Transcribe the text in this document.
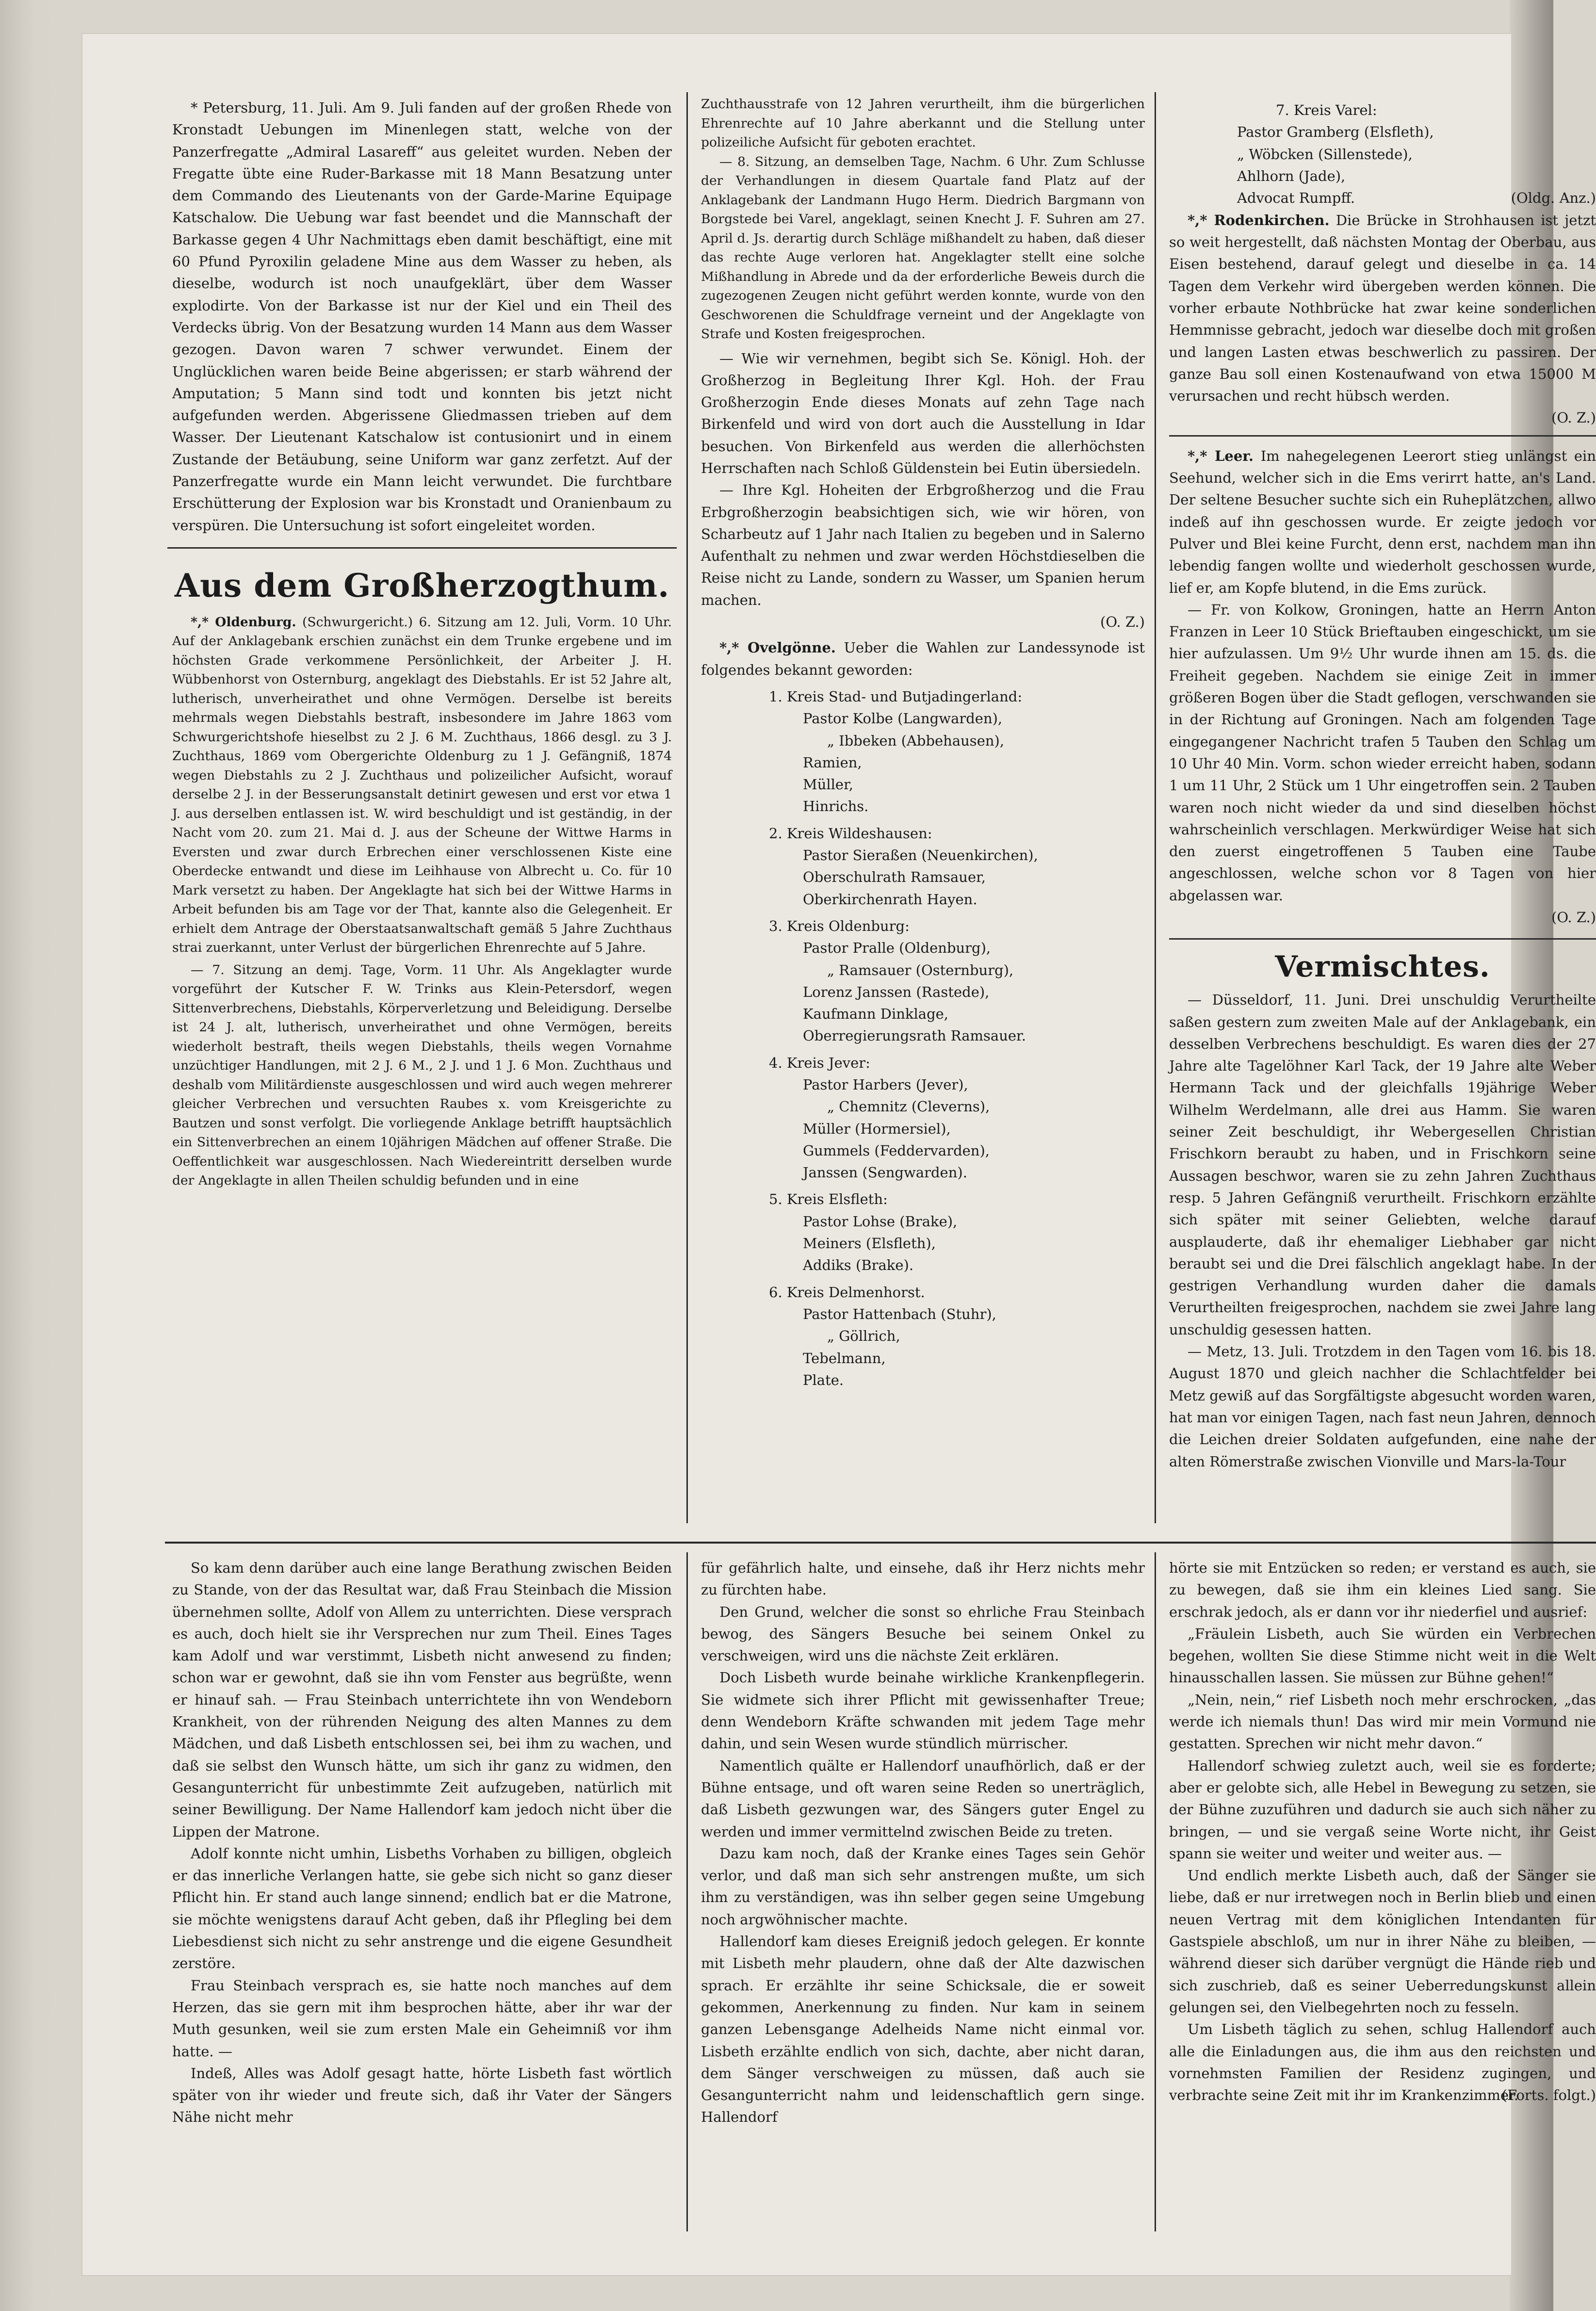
* Petersburg, 11. Juli. Am 9. Juli fanden auf der großen Rhede von Kronstadt Uebungen im Minenlegen statt, welche von der Panzerfregatte „Admiral Lasareff“ aus geleitet wurden. Neben der Fregatte übte eine Ruder-Barkasse mit 18 Mann Besatzung unter dem Commando des Lieutenants von der Garde-Marine Equipage Katschalow. Die Uebung war fast beendet und die Mannschaft der Barkasse gegen 4 Uhr Nachmittags eben damit beschäftigt, eine mit 60 Pfund Pyroxilin geladene Mine aus dem Wasser zu heben, als dieselbe, wodurch ist noch unaufgeklärt, über dem Wasser explodirte. Von der Barkasse ist nur der Kiel und ein Theil des Verdecks übrig. Von der Besatzung wurden 14 Mann aus dem Wasser gezogen. Davon waren 7 schwer verwundet. Einem der Unglücklichen waren beide Beine abgerissen; er starb während der Amputation; 5 Mann sind todt und konnten bis jetzt nicht aufgefunden werden. Abgerissene Gliedmassen trieben auf dem Wasser. Der Lieutenant Katschalow ist contusionirt und in einem Zustande der Betäubung, seine Uniform war ganz zerfetzt. Auf der Panzerfregatte wurde ein Mann leicht verwundet. Die furchtbare Erschütterung der Explosion war bis Kronstadt und Oranienbaum zu verspüren. Die Untersuchung ist sofort eingeleitet worden.

Aus dem Großherzogthum.

*,* Oldenburg. (Schwurgericht.) 6. Sitzung am 12. Juli, Vorm. 10 Uhr. Auf der Anklagebank erschien zunächst ein dem Trunke ergebene und im höchsten Grade verkommene Persönlichkeit, der Arbeiter J. H. Wübbenhorst von Osternburg, angeklagt des Diebstahls. Er ist 52 Jahre alt, lutherisch, unverheirathet und ohne Vermögen. Derselbe ist bereits mehrmals wegen Diebstahls bestraft, insbesondere im Jahre 1863 vom Schwurgerichtshofe hieselbst zu 2 J. 6 M. Zuchthaus, 1866 desgl. zu 3 J. Zuchthaus, 1869 vom Obergerichte Oldenburg zu 1 J. Gefängniß, 1874 wegen Diebstahls zu 2 J. Zuchthaus und polizeilicher Aufsicht, worauf derselbe 2 J. in der Besserungsanstalt detinirt gewesen und erst vor etwa 1 J. aus derselben entlassen ist. W. wird beschuldigt und ist geständig, in der Nacht vom 20. zum 21. Mai d. J. aus der Scheune der Wittwe Harms in Eversten und zwar durch Erbrechen einer verschlossenen Kiste eine Oberdecke entwandt und diese im Leihhause von Albrecht u. Co. für 10 Mark versetzt zu haben. Der Angeklagte hat sich bei der Wittwe Harms in Arbeit befunden bis am Tage vor der That, kannte also die Gelegenheit. Er erhielt dem Antrage der Oberstaatsanwaltschaft gemäß 5 Jahre Zuchthaus strai zuerkannt, unter Verlust der bürgerlichen Ehrenrechte auf 5 Jahre.

— 7. Sitzung an demj. Tage, Vorm. 11 Uhr. Als Angeklagter wurde vorgeführt der Kutscher F. W. Trinks aus Klein-Petersdorf, wegen Sittenverbrechens, Diebstahls, Körperverletzung und Beleidigung. Derselbe ist 24 J. alt, lutherisch, unverheirathet und ohne Vermögen, bereits wiederholt bestraft, theils wegen Diebstahls, theils wegen Vornahme unzüchtiger Handlungen, mit 2 J. 6 M., 2 J. und 1 J. 6 Mon. Zuchthaus und deshalb vom Militärdienste ausgeschlossen und wird auch wegen mehrerer gleicher Verbrechen und versuchten Raubes x. vom Kreisgerichte zu Bautzen und sonst verfolgt. Die vorliegende Anklage betrifft hauptsächlich ein Sittenverbrechen an einem 10jährigen Mädchen auf offener Straße. Die Oeffentlichkeit war ausgeschlossen. Nach Wiedereintritt derselben wurde der Angeklagte in allen Theilen schuldig befunden und in eine

Zuchthausstrafe von 12 Jahren verurtheilt, ihm die bürgerlichen Ehrenrechte auf 10 Jahre aberkannt und die Stellung unter polizeiliche Aufsicht für geboten erachtet.

— 8. Sitzung, an demselben Tage, Nachm. 6 Uhr. Zum Schlusse der Verhandlungen in diesem Quartale fand Platz auf der Anklagebank der Landmann Hugo Herm. Diedrich Bargmann von Borgstede bei Varel, angeklagt, seinen Knecht J. F. Suhren am 27. April d. Js. derartig durch Schläge mißhandelt zu haben, daß dieser das rechte Auge verloren hat. Angeklagter stellt eine solche Mißhandlung in Abrede und da der erforderliche Beweis durch die zugezogenen Zeugen nicht geführt werden konnte, wurde von den Geschworenen die Schuldfrage verneint und der Angeklagte von Strafe und Kosten freigesprochen.

— Wie wir vernehmen, begibt sich Se. Königl. Hoh. der Großherzog in Begleitung Ihrer Kgl. Hoh. der Frau Großherzogin Ende dieses Monats auf zehn Tage nach Birkenfeld und wird von dort auch die Ausstellung in Idar besuchen. Von Birkenfeld aus werden die allerhöchsten Herrschaften nach Schloß Güldenstein bei Eutin übersiedeln.

— Ihre Kgl. Hoheiten der Erbgroßherzog und die Frau Erbgroßherzogin beabsichtigen sich, wie wir hören, von Scharbeutz auf 1 Jahr nach Italien zu begeben und in Salerno Aufenthalt zu nehmen und zwar werden Höchstdieselben die Reise nicht zu Lande, sondern zu Wasser, um Spanien herum machen.

(O. Z.)

*,* Ovelgönne. Ueber die Wahlen zur Landessynode ist folgendes bekannt geworden:

1. Kreis Stad- und Butjadingerland:
Pastor Kolbe (Langwarden),
„ Ibbeken (Abbehausen),
Ramien,
Müller,
Hinrichs.
2. Kreis Wildeshausen:
Pastor Sieraßen (Neuenkirchen),
Oberschulrath Ramsauer,
Oberkirchenrath Hayen.
3. Kreis Oldenburg:
Pastor Pralle (Oldenburg),
„ Ramsauer (Osternburg),
Lorenz Janssen (Rastede),
Kaufmann Dinklage,
Oberregierungsrath Ramsauer.
4. Kreis Jever:
Pastor Harbers (Jever),
„ Chemnitz (Cleverns),
Müller (Hormersiel),
Gummels (Feddervarden),
Janssen (Sengwarden).
5. Kreis Elsfleth:
Pastor Lohse (Brake),
Meiners (Elsfleth),
Addiks (Brake).
6. Kreis Delmenhorst.
Pastor Hattenbach (Stuhr),
„ Göllrich,
Tebelmann,
Plate.
7. Kreis Varel:
Pastor Gramberg (Elsfleth),
„ Wöbcken (Sillenstede),
Ahlhorn (Jade),
Advocat Rumpff.	(Oldg. Anz.)

*,* Rodenkirchen. Die Brücke in Strohhausen ist jetzt so weit hergestellt, daß nächsten Montag der Oberbau, aus Eisen bestehend, darauf gelegt und dieselbe in ca. 14 Tagen dem Verkehr wird übergeben werden können. Die vorher erbaute Nothbrücke hat zwar keine sonderlichen Hemmnisse gebracht, jedoch war dieselbe doch mit großen und langen Lasten etwas beschwerlich zu passiren. Der ganze Bau soll einen Kostenaufwand von etwa 15000 M verursachen und recht hübsch werden.

(O. Z.)

*,* Leer. Im nahegelegenen Leerort stieg unlängst ein Seehund, welcher sich in die Ems verirrt hatte, an's Land. Der seltene Besucher suchte sich ein Ruheplätzchen, allwo indeß auf ihn geschossen wurde. Er zeigte jedoch vor Pulver und Blei keine Furcht, denn erst, nachdem man ihn lebendig fangen wollte und wiederholt geschossen wurde, lief er, am Kopfe blutend, in die Ems zurück.

— Fr. von Kolkow, Groningen, hatte an Herrn Anton Franzen in Leer 10 Stück Brieftauben eingeschickt, um sie hier aufzulassen. Um 9½ Uhr wurde ihnen am 15. ds. die Freiheit gegeben. Nachdem sie einige Zeit in immer größeren Bogen über die Stadt geflogen, verschwanden sie in der Richtung auf Groningen. Nach am folgenden Tage eingegangener Nachricht trafen 5 Tauben den Schlag um 10 Uhr 40 Min. Vorm. schon wieder erreicht haben, sodann 1 um 11 Uhr, 2 Stück um 1 Uhr eingetroffen sein. 2 Tauben waren noch nicht wieder da und sind dieselben höchst wahrscheinlich verschlagen. Merkwürdiger Weise hat sich den zuerst eingetroffenen 5 Tauben eine Taube angeschlossen, welche schon vor 8 Tagen von hier abgelassen war.

(O. Z.)
Vermischtes.

— Düsseldorf, 11. Juni. Drei unschuldig Verurtheilte saßen gestern zum zweiten Male auf der Anklagebank, ein desselben Verbrechens beschuldigt. Es waren dies der 27 Jahre alte Tagelöhner Karl Tack, der 19 Jahre alte Weber Hermann Tack und der gleichfalls 19jährige Weber Wilhelm Werdelmann, alle drei aus Hamm. Sie waren seiner Zeit beschuldigt, ihr Webergesellen Christian Frischkorn beraubt zu haben, und in Frischkorn seine Aussagen beschwor, waren sie zu zehn Jahren Zuchthaus resp. 5 Jahren Gefängniß verurtheilt. Frischkorn erzählte sich später mit seiner Geliebten, welche darauf ausplauderte, daß ihr ehemaliger Liebhaber gar nicht beraubt sei und die Drei fälschlich angeklagt habe. In der gestrigen Verhandlung wurden daher die damals Verurtheilten freigesprochen, nachdem sie zwei Jahre lang unschuldig gesessen hatten.

— Metz, 13. Juli. Trotzdem in den Tagen vom 16. bis 18. August 1870 und gleich nachher die Schlachtfelder bei Metz gewiß auf das Sorgfältigste abgesucht worden waren, hat man vor einigen Tagen, nach fast neun Jahren, dennoch die Leichen dreier Soldaten aufgefunden, eine nahe der alten Römerstraße zwischen Vionville und Mars-la-Tour

So kam denn darüber auch eine lange Berathung zwischen Beiden zu Stande, von der das Resultat war, daß Frau Steinbach die Mission übernehmen sollte, Adolf von Allem zu unterrichten. Diese versprach es auch, doch hielt sie ihr Versprechen nur zum Theil. Eines Tages kam Adolf und war verstimmt, Lisbeth nicht anwesend zu finden; schon war er gewohnt, daß sie ihn vom Fenster aus begrüßte, wenn er hinauf sah. — Frau Steinbach unterrichtete ihn von Wendeborn Krankheit, von der rührenden Neigung des alten Mannes zu dem Mädchen, und daß Lisbeth entschlossen sei, bei ihm zu wachen, und daß sie selbst den Wunsch hätte, um sich ihr ganz zu widmen, den Gesangunterricht für unbestimmte Zeit aufzugeben, natürlich mit seiner Bewilligung. Der Name Hallendorf kam jedoch nicht über die Lippen der Matrone.

Adolf konnte nicht umhin, Lisbeths Vorhaben zu billigen, obgleich er das innerliche Verlangen hatte, sie gebe sich nicht so ganz dieser Pflicht hin. Er stand auch lange sinnend; endlich bat er die Matrone, sie möchte wenigstens darauf Acht geben, daß ihr Pflegling bei dem Liebesdienst sich nicht zu sehr anstrenge und die eigene Gesundheit zerstöre.

Frau Steinbach versprach es, sie hatte noch manches auf dem Herzen, das sie gern mit ihm besprochen hätte, aber ihr war der Muth gesunken, weil sie zum ersten Male ein Geheimniß vor ihm hatte. —

Indeß, Alles was Adolf gesagt hatte, hörte Lisbeth fast wörtlich später von ihr wieder und freute sich, daß ihr Vater der Sängers Nähe nicht mehr

für gefährlich halte, und einsehe, daß ihr Herz nichts mehr zu fürchten habe.

Den Grund, welcher die sonst so ehrliche Frau Steinbach bewog, des Sängers Besuche bei seinem Onkel zu verschweigen, wird uns die nächste Zeit erklären.

Doch Lisbeth wurde beinahe wirkliche Krankenpflegerin. Sie widmete sich ihrer Pflicht mit gewissenhafter Treue; denn Wendeborn Kräfte schwanden mit jedem Tage mehr dahin, und sein Wesen wurde stündlich mürrischer.

Namentlich quälte er Hallendorf unaufhörlich, daß er der Bühne entsage, und oft waren seine Reden so unerträglich, daß Lisbeth gezwungen war, des Sängers guter Engel zu werden und immer vermittelnd zwischen Beide zu treten.

Dazu kam noch, daß der Kranke eines Tages sein Gehör verlor, und daß man sich sehr anstrengen mußte, um sich ihm zu verständigen, was ihn selber gegen seine Umgebung noch argwöhnischer machte.

Hallendorf kam dieses Ereigniß jedoch gelegen. Er konnte mit Lisbeth mehr plaudern, ohne daß der Alte dazwischen sprach. Er erzählte ihr seine Schicksale, die er soweit gekommen, Anerkennung zu finden. Nur kam in seinem ganzen Lebensgange Adelheids Name nicht einmal vor. Lisbeth erzählte endlich von sich, dachte, aber nicht daran, dem Sänger verschweigen zu müssen, daß auch sie Gesangunterricht nahm und leidenschaftlich gern singe. Hallendorf

hörte sie mit Entzücken so reden; er verstand es auch, sie zu bewegen, daß sie ihm ein kleines Lied sang. Sie erschrak jedoch, als er dann vor ihr niederfiel und ausrief:

„Fräulein Lisbeth, auch Sie würden ein Verbrechen begehen, wollten Sie diese Stimme nicht weit in die Welt hinausschallen lassen. Sie müssen zur Bühne gehen!“

„Nein, nein,“ rief Lisbeth noch mehr erschrocken, „das werde ich niemals thun! Das wird mir mein Vormund nie gestatten. Sprechen wir nicht mehr davon.“

Hallendorf schwieg zuletzt auch, weil sie es forderte; aber er gelobte sich, alle Hebel in Bewegung zu setzen, sie der Bühne zuzuführen und dadurch sie auch sich näher zu bringen, — und sie vergaß seine Worte nicht, ihr Geist spann sie weiter und weiter und weiter aus. —

Und endlich merkte Lisbeth auch, daß der Sänger sie liebe, daß er nur irretwegen noch in Berlin blieb und einen neuen Vertrag mit dem königlichen Intendanten für Gastspiele abschloß, um nur in ihrer Nähe zu bleiben, — während dieser sich darüber vergnügt die Hände rieb und sich zuschrieb, daß es seiner Ueberredungskunst allein gelungen sei, den Vielbegehrten noch zu fesseln.

Um Lisbeth täglich zu sehen, schlug Hallendorf auch alle die Einladungen aus, die ihm aus den reichsten und vornehmsten Familien der Residenz zugingen, und verbrachte seine Zeit mit ihr im Krankenzimmer.

(Forts. folgt.)
